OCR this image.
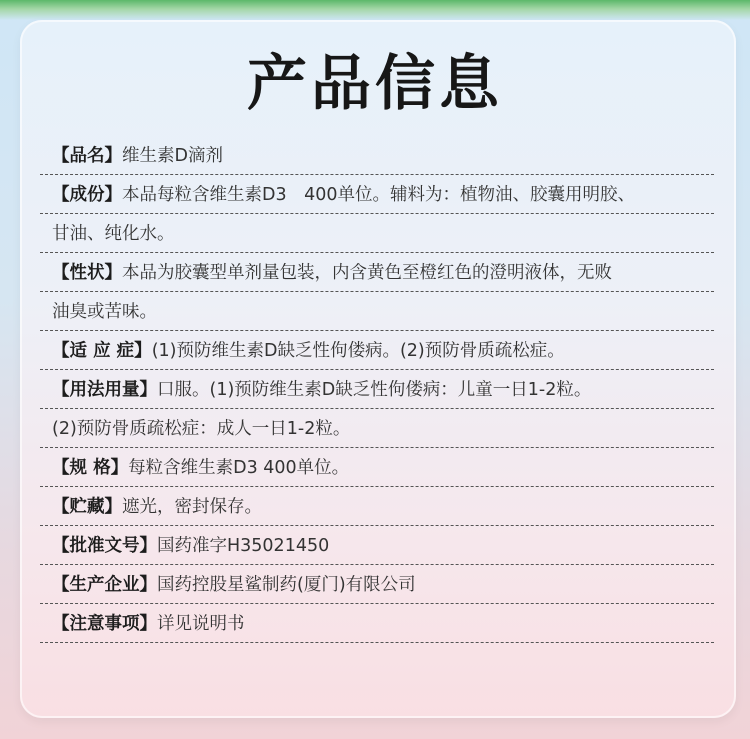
产品信息
【品名】维生素D滴剂
【成份】本品每粒含维生素D3　400单位。辅料为：植物油、胶囊用明胶、
甘油、纯化水。
【性状】本品为胶囊型单剂量包装，内含黄色至橙红色的澄明液体，无败
油臭或苦味。
【适 应 症】(1)预防维生素D缺乏性佝偻病。(2)预防骨质疏松症。
【用法用量】口服。(1)预防维生素D缺乏性佝偻病：儿童一日1-2粒。
(2)预防骨质疏松症：成人一日1-2粒。
【规 格】每粒含维生素D3 400单位。
【贮藏】遮光，密封保存。
【批准文号】国药准字H35021450
【生产企业】国药控股星鲨制药(厦门)有限公司
【注意事项】详见说明书
